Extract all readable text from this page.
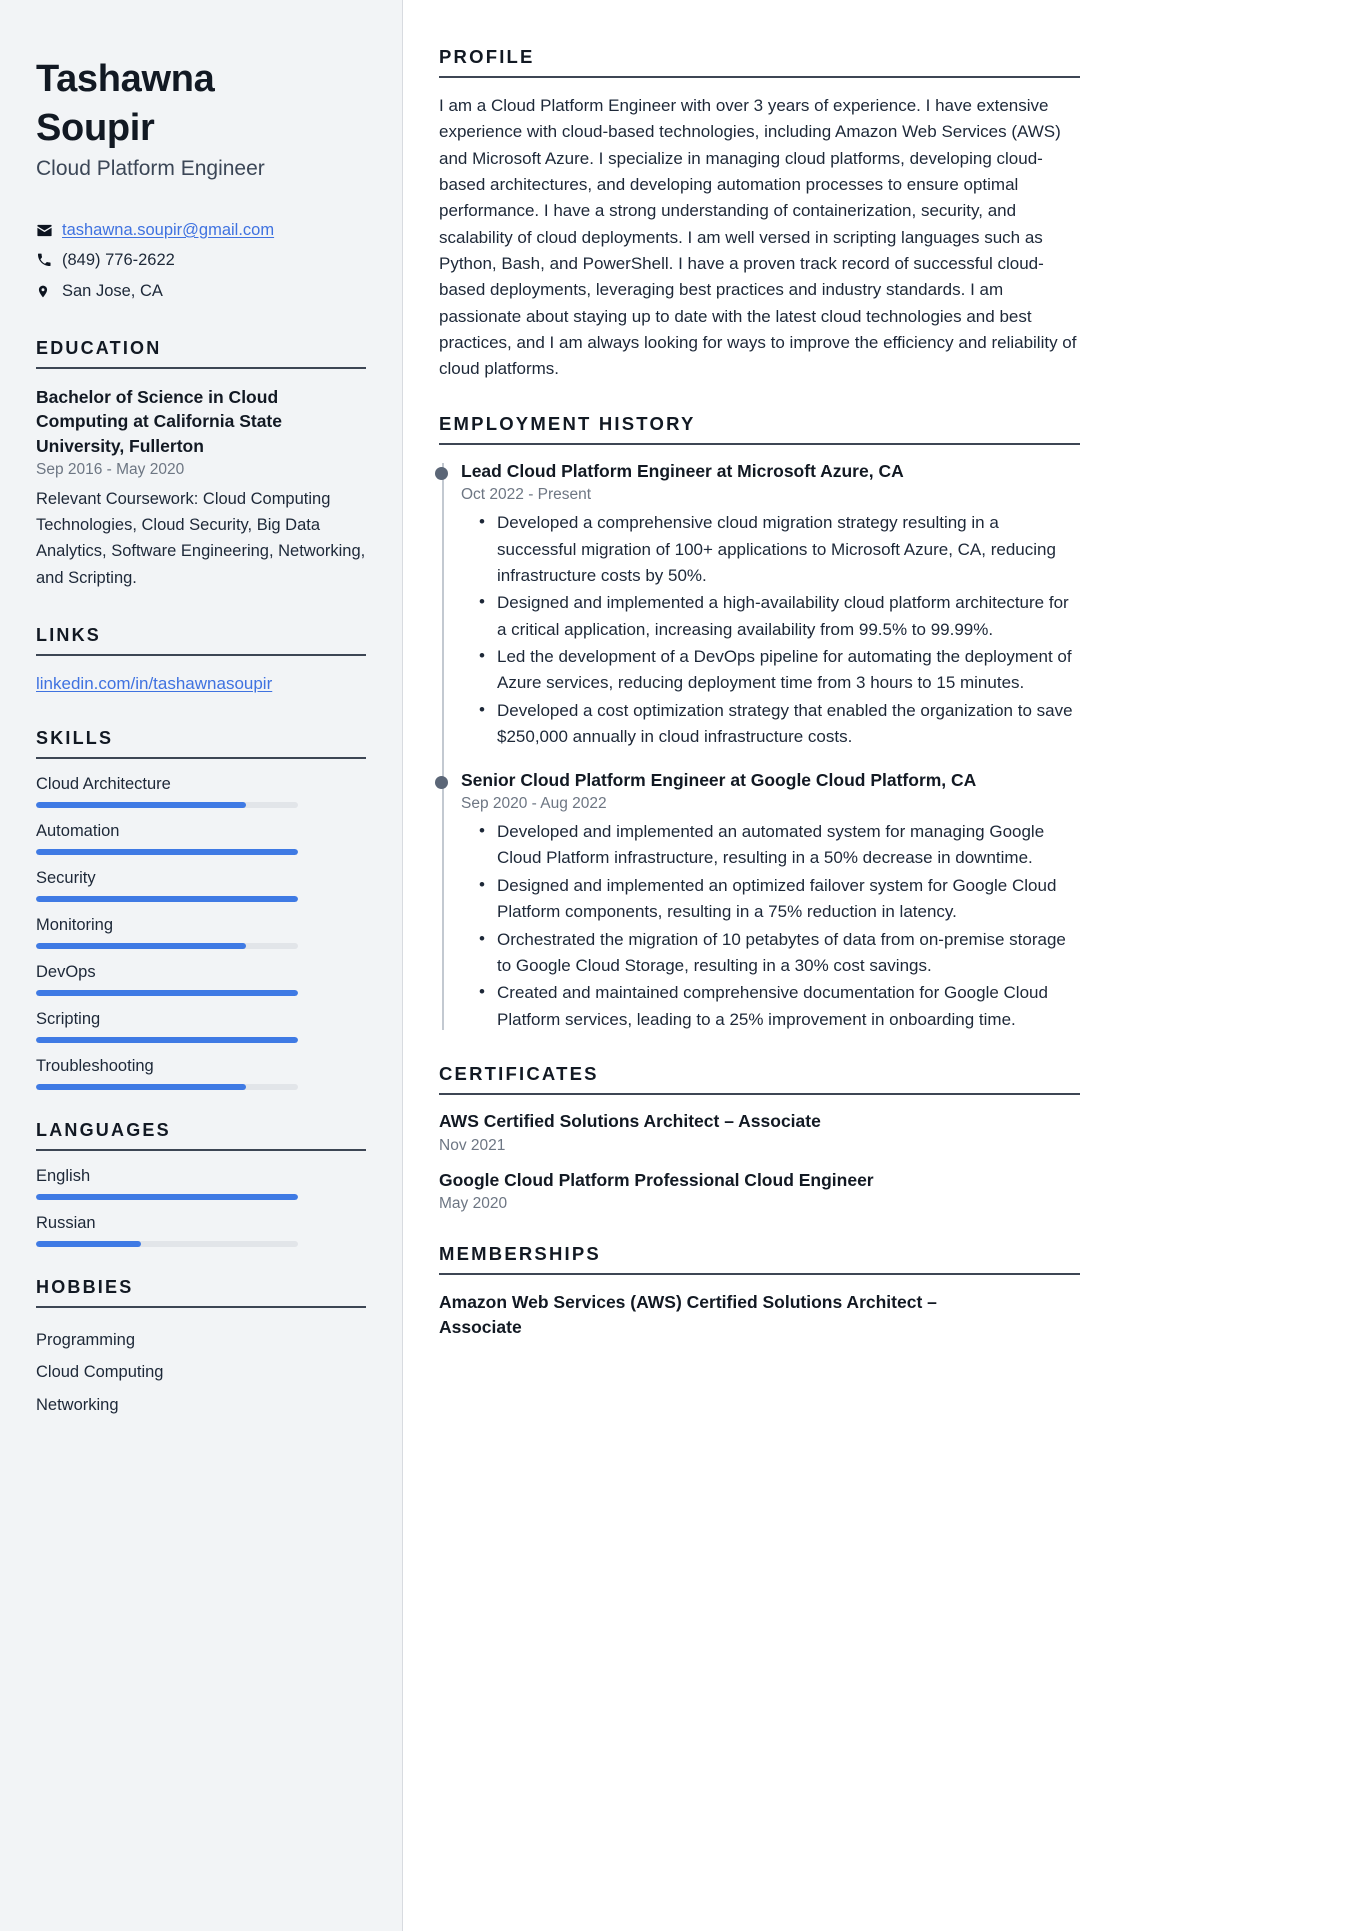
Tashawna Soupir
Cloud Platform Engineer
tashawna.soupir@gmail.com
(849) 776-2622
San Jose, CA
EDUCATION
Bachelor of Science in Cloud Computing at California State University, Fullerton
Sep 2016 - May 2020
Relevant Coursework: Cloud Computing Technologies, Cloud Security, Big Data Analytics, Software Engineering, Networking, and Scripting.
LINKS
linkedin.com/in/tashawnasoupir
SKILLS
Cloud Architecture
Automation
Security
Monitoring
DevOps
Scripting
Troubleshooting
LANGUAGES
English
Russian
HOBBIES
Programming
Cloud Computing
Networking
PROFILE

I am a Cloud Platform Engineer with over 3 years of experience. I have extensive experience with cloud-based technologies, including Amazon Web Services (AWS) and Microsoft Azure. I specialize in managing cloud platforms, developing cloud-based architectures, and developing automation processes to ensure optimal performance. I have a strong understanding of containerization, security, and scalability of cloud deployments. I am well versed in scripting languages such as Python, Bash, and PowerShell. I have a proven track record of successful cloud-based deployments, leveraging best practices and industry standards. I am passionate about staying up to date with the latest cloud technologies and best practices, and I am always looking for ways to improve the efficiency and reliability of cloud platforms.

EMPLOYMENT HISTORY
Lead Cloud Platform Engineer at Microsoft Azure, CA
Oct 2022 - Present
• Developed a comprehensive cloud migration strategy resulting in a successful migration of 100+ applications to Microsoft Azure, CA, reducing infrastructure costs by 50%.
• Designed and implemented a high-availability cloud platform architecture for a critical application, increasing availability from 99.5% to 99.99%.
• Led the development of a DevOps pipeline for automating the deployment of Azure services, reducing deployment time from 3 hours to 15 minutes.
• Developed a cost optimization strategy that enabled the organization to save $250,000 annually in cloud infrastructure costs.
Senior Cloud Platform Engineer at Google Cloud Platform, CA
Sep 2020 - Aug 2022
• Developed and implemented an automated system for managing Google Cloud Platform infrastructure, resulting in a 50% decrease in downtime.
• Designed and implemented an optimized failover system for Google Cloud Platform components, resulting in a 75% reduction in latency.
• Orchestrated the migration of 10 petabytes of data from on-premise storage to Google Cloud Storage, resulting in a 30% cost savings.
• Created and maintained comprehensive documentation for Google Cloud Platform services, leading to a 25% improvement in onboarding time.
CERTIFICATES
AWS Certified Solutions Architect – Associate
Nov 2021
Google Cloud Platform Professional Cloud Engineer
May 2020
MEMBERSHIPS
Amazon Web Services (AWS) Certified Solutions Architect – Associate
